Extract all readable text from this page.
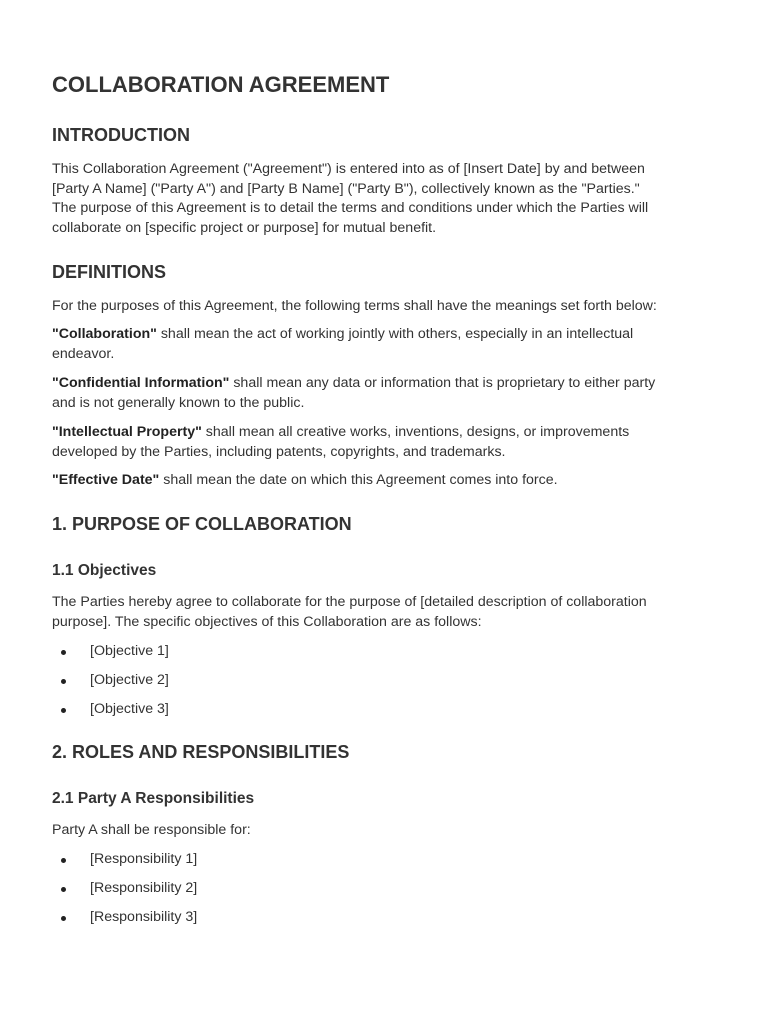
COLLABORATION AGREEMENT
INTRODUCTION
This Collaboration Agreement ("Agreement") is entered into as of [Insert Date] by and between
[Party A Name] ("Party A") and [Party B Name] ("Party B"), collectively known as the "Parties."
The purpose of this Agreement is to detail the terms and conditions under which the Parties will
collaborate on [specific project or purpose] for mutual benefit.
DEFINITIONS
For the purposes of this Agreement, the following terms shall have the meanings set forth below:
"Collaboration" shall mean the act of working jointly with others, especially in an intellectual
endeavor.
"Confidential Information" shall mean any data or information that is proprietary to either party
and is not generally known to the public.
"Intellectual Property" shall mean all creative works, inventions, designs, or improvements
developed by the Parties, including patents, copyrights, and trademarks.
"Effective Date" shall mean the date on which this Agreement comes into force.
1. PURPOSE OF COLLABORATION
1.1 Objectives
The Parties hereby agree to collaborate for the purpose of [detailed description of collaboration
purpose]. The specific objectives of this Collaboration are as follows:
[Objective 1]
[Objective 2]
[Objective 3]
2. ROLES AND RESPONSIBILITIES
2.1 Party A Responsibilities
Party A shall be responsible for:
[Responsibility 1]
[Responsibility 2]
[Responsibility 3]
